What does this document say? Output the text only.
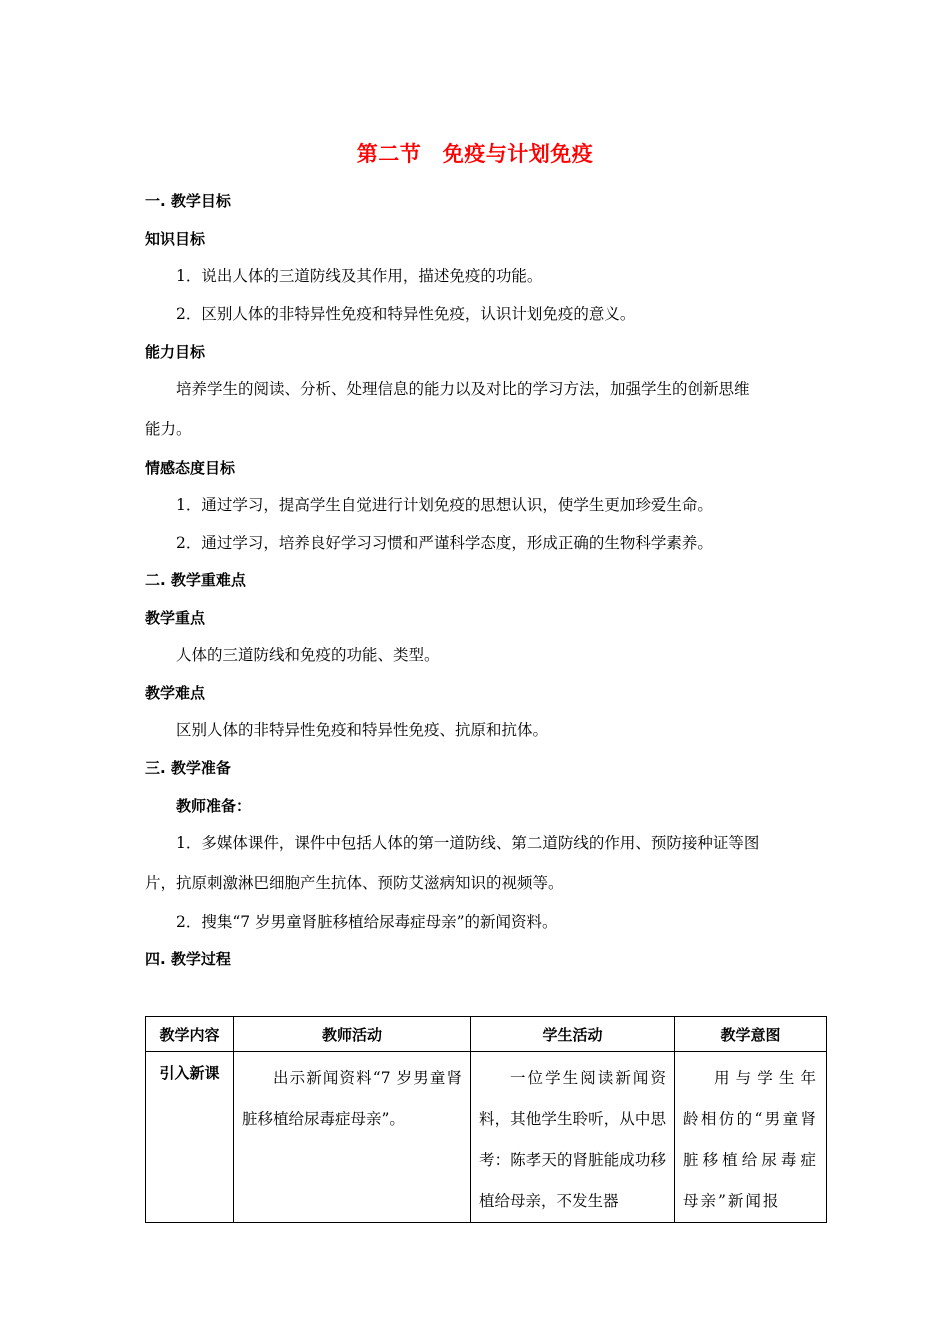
第二节　免疫与计划免疫
一. 教学目标
知识目标
1．说出人体的三道防线及其作用，描述免疫的功能。
2．区别人体的非特异性免疫和特异性免疫，认识计划免疫的意义。
能力目标
培养学生的阅读、分析、处理信息的能力以及对比的学习方法，加强学生的创新思维
能力。
情感态度目标
1．通过学习，提高学生自觉进行计划免疫的思想认识，使学生更加珍爱生命。
2．通过学习，培养良好学习习惯和严谨科学态度，形成正确的生物科学素养。
二. 教学重难点
教学重点
人体的三道防线和免疫的功能、类型。
教学难点
区别人体的非特异性免疫和特异性免疫、抗原和抗体。
三. 教学准备
教师准备：
1．多媒体课件，课件中包括人体的第一道防线、第二道防线的作用、预防接种证等图
片，抗原刺激淋巴细胞产生抗体、预防艾滋病知识的视频等。
2．搜集“7 岁男童肾脏移植给尿毒症母亲”的新闻资料。
四. 教学过程
教学内容	教师活动	学生活动	教学意图
引入新课	出示新闻资料“7 岁男童肾脏移植给尿毒症母亲”。	一位学生阅读新闻资料，其他学生聆听，从中思考：陈孝天的肾脏能成功移植给母亲，不发生器	用与学生年龄相仿的“男童肾脏移植给尿毒症母亲”新闻报
